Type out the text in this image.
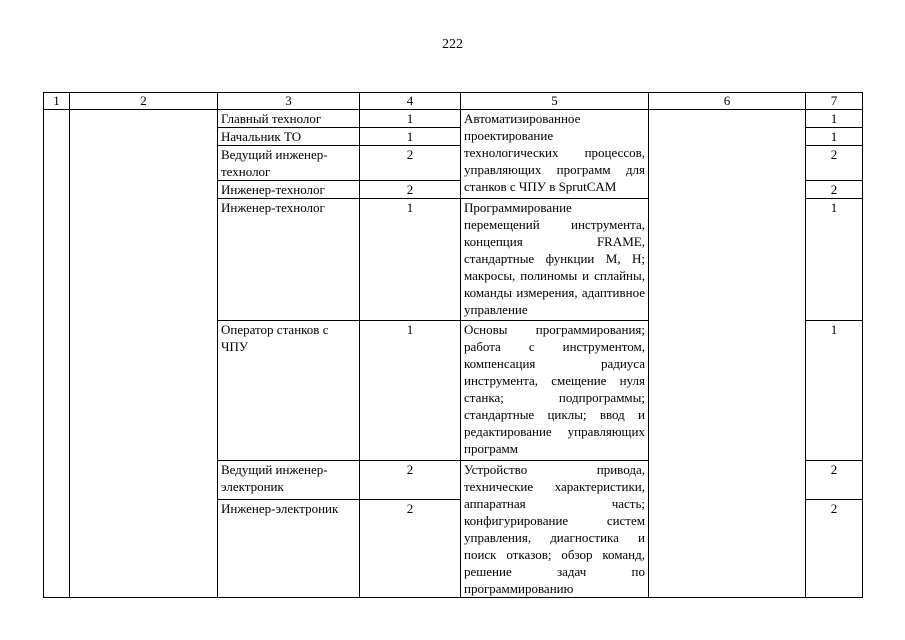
222
1	2	3	4	5	6	7
		Главный технолог	1	Автоматизированное проектирование технологических процессов, управляющих программ для станков с ЧПУ в SprutCAM		1
		Начальник ТО	1			1
		Ведущий инженер-технолог	2			2
		Инженер-технолог	2			2
		Инженер-технолог	1	Программирование перемещений инструмента, концепция FRAME, стандартные функции М, Н; макросы, полиномы и сплайны, команды измерения, адаптивное управление		1
		Оператор станков с ЧПУ	1	Основы программирования; работа с инструментом, компенсация радиуса инструмента, смещение нуля станка; подпрограммы; стандартные циклы; ввод и редактирование управляющих программ		1
		Ведущий инженер-электроник	2	Устройство привода, технические характеристики, аппаратная часть; конфигурирование систем управления, диагностика и поиск отказов; обзор команд, решение задач по программированию		2
		Инженер-электроник	2			2
